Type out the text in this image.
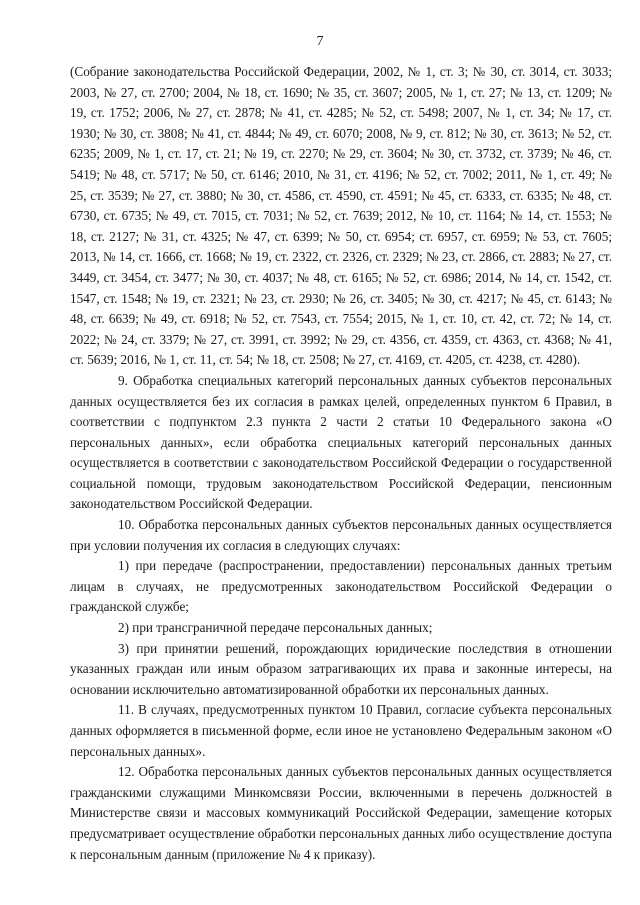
7

(Собрание законодательства Российской Федерации, 2002, № 1, ст. 3; № 30, ст. 3014, ст. 3033; 2003, № 27, ст. 2700; 2004, № 18, ст. 1690; № 35, ст. 3607; 2005, № 1, ст. 27; № 13, ст. 1209; № 19, ст. 1752; 2006, № 27, ст. 2878; № 41, ст. 4285; № 52, ст. 5498; 2007, № 1, ст. 34; № 17, ст. 1930; № 30, ст. 3808; № 41, ст. 4844; № 49, ст. 6070; 2008, № 9, ст. 812; № 30, ст. 3613; № 52, ст. 6235; 2009, № 1, ст. 17, ст. 21; № 19, ст. 2270; № 29, ст. 3604; № 30, ст. 3732, ст. 3739; № 46, ст. 5419; № 48, ст. 5717; № 50, ст. 6146; 2010, № 31, ст. 4196; № 52, ст. 7002; 2011, № 1, ст. 49; № 25, ст. 3539; № 27, ст. 3880; № 30, ст. 4586, ст. 4590, ст. 4591; № 45, ст. 6333, ст. 6335; № 48, ст. 6730, ст. 6735; № 49, ст. 7015, ст. 7031; № 52, ст. 7639; 2012, № 10, ст. 1164; № 14, ст. 1553; № 18, ст. 2127; № 31, ст. 4325; № 47, ст. 6399; № 50, ст. 6954; ст. 6957, ст. 6959; № 53, ст. 7605; 2013, № 14, ст. 1666, ст. 1668; № 19, ст. 2322, ст. 2326, ст. 2329; № 23, ст. 2866, ст. 2883; № 27, ст. 3449, ст. 3454, ст. 3477; № 30, ст. 4037; № 48, ст. 6165; № 52, ст. 6986; 2014, № 14, ст. 1542, ст. 1547, ст. 1548; № 19, ст. 2321; № 23, ст. 2930; № 26, ст. 3405; № 30, ст. 4217; № 45, ст. 6143; № 48, ст. 6639; № 49, ст. 6918; № 52, ст. 7543, ст. 7554; 2015, № 1, ст. 10, ст. 42, ст. 72; № 14, ст. 2022; № 24, ст. 3379; № 27, ст. 3991, ст. 3992; № 29, ст. 4356, ст. 4359, ст. 4363, ст. 4368; № 41, ст. 5639; 2016, № 1, ст. 11, ст. 54; № 18, ст. 2508; № 27, ст. 4169, ст. 4205, ст. 4238, ст. 4280).

9. Обработка специальных категорий персональных данных субъектов персональных данных осуществляется без их согласия в рамках целей, определенных пунктом 6 Правил, в соответствии с подпунктом 2.3 пункта 2 части 2 статьи 10 Федерального закона «О персональных данных», если обработка специальных категорий персональных данных осуществляется в соответствии с законодательством Российской Федерации о государственной социальной помощи, трудовым законодательством Российской Федерации, пенсионным законодательством Российской Федерации.

10. Обработка персональных данных субъектов персональных данных осуществляется при условии получения их согласия в следующих случаях:

1) при передаче (распространении, предоставлении) персональных данных третьим лицам в случаях, не предусмотренных законодательством Российской Федерации о гражданской службе;

2) при трансграничной передаче персональных данных;

3) при принятии решений, порождающих юридические последствия в отношении указанных граждан или иным образом затрагивающих их права и законные интересы, на основании исключительно автоматизированной обработки их персональных данных.

11. В случаях, предусмотренных пунктом 10 Правил, согласие субъекта персональных данных оформляется в письменной форме, если иное не установлено Федеральным законом «О персональных данных».

12. Обработка персональных данных субъектов персональных данных осуществляется гражданскими служащими Минкомсвязи России, включенными в перечень должностей в Министерстве связи и массовых коммуникаций Российской Федерации, замещение которых предусматривает осуществление обработки персональных данных либо осуществление доступа к персональным данным (приложение № 4 к приказу).
